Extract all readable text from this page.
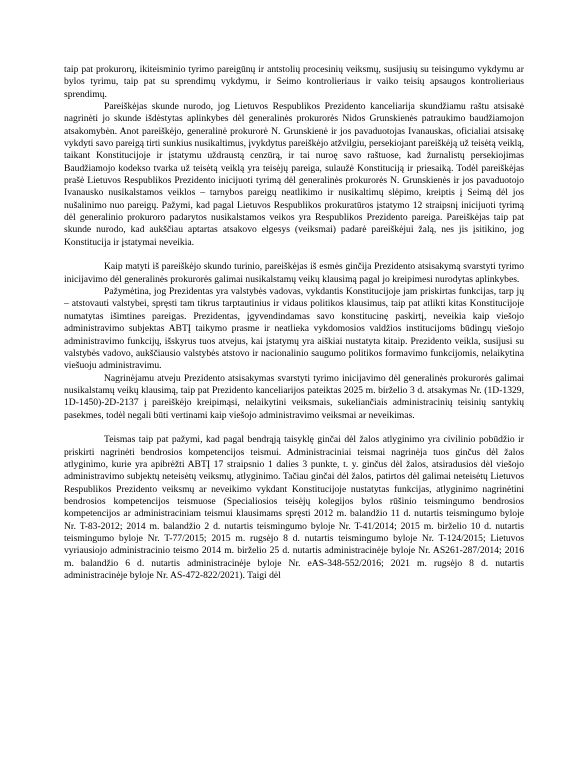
taip pat prokurorų, ikiteisminio tyrimo pareigūnų ir antstolių procesinių veiksmų, susijusių su teisingumo vykdymu ar bylos tyrimu, taip pat su sprendimų vykdymu, ir Seimo kontrolieriaus ir vaiko teisių apsaugos kontrolieriaus sprendimų.

Pareiškėjas skunde nurodo, jog Lietuvos Respublikos Prezidento kanceliarija skundžiamu raštu atsisakė nagrinėti jo skunde išdėstytas aplinkybes dėl generalinės prokurorės Nidos Grunskienės patraukimo baudžiamojon atsakomybėn. Anot pareiškėjo, generalinė prokurorė N. Grunskienė ir jos pavaduotojas Ivanauskas, oficialiai atsisakę vykdyti savo pareigą tirti sunkius nusikaltimus, įvykdytus pareiškėjo atžvilgiu, persekiojant pareiškėją už teisėtą veiklą, taikant Konstitucijoje ir įstatymu uždraustą cenzūrą, ir tai nuroę savo raštuose, kad žurnalistų persekiojimas Baudžiamojo kodekso tvarka už teisėtą veiklą yra teisėjų pareiga, sulaužė Konstituciją ir priesaiką. Todėl pareiškėjas prašė Lietuvos Respublikos Prezidento inicijuoti tyrimą dėl generalinės prokurorės N. Grunskienės ir jos pavaduotojo Ivanausko nusikalstamos veiklos – tarnybos pareigų neatlikimo ir nusikaltimų slėpimo, kreiptis į Seimą dėl jos nušalinimo nuo pareigų. Pažymi, kad pagal Lietuvos Respublikos prokuratūros įstatymo 12 straipsnį inicijuoti tyrimą dėl generalinio prokuroro padarytos nusikalstamos veikos yra Respublikos Prezidento pareiga. Pareiškėjas taip pat skunde nurodo, kad aukščiau aptartas atsakovo elgesys (veiksmai) padarė pareiškėjui žalą, nes jis įsitikino, jog Konstitucija ir įstatymai neveikia.

Kaip matyti iš pareiškėjo skundo turinio, pareiškėjas iš esmės ginčija Prezidento atsisakymą svarstyti tyrimo inicijavimo dėl generalinės prokurorės galimai nusikalstamų veikų klausimą pagal jo kreipimesi nurodytas aplinkybes.

Pažymėtina, jog Prezidentas yra valstybės vadovas, vykdantis Konstitucijoje jam priskirtas funkcijas, tarp jų – atstovauti valstybei, spręsti tam tikrus tarptautinius ir vidaus politikos klausimus, taip pat atlikti kitas Konstitucijoje numatytas išimtines pareigas. Prezidentas, įgyvendindamas savo konstitucinę paskirtį, neveikia kaip viešojo administravimo subjektas ABTĮ taikymo prasme ir neatlieka vykdomosios valdžios institucijoms būdingų viešojo administravimo funkcijų, išskyrus tuos atvejus, kai įstatymų yra aiškiai nustatyta kitaip. Prezidento veikla, susijusi su valstybės vadovo, aukščiausio valstybės atstovo ir nacionalinio saugumo politikos formavimo funkcijomis, nelaikytina viešuoju administravimu.

Nagrinėjamu atveju Prezidento atsisakymas svarstyti tyrimo inicijavimo dėl generalinės prokurorės galimai nusikalstamų veikų klausimą, taip pat Prezidento kanceliarijos pateiktas 2025 m. birželio 3 d. atsakymas Nr. (1D-1329, 1D-1450)-2D-2137 į pareiškėjo kreipimąsi, nelaikytini veiksmais, sukeliančiais administracinių teisinių santykių pasekmes, todėl negali būti vertinami kaip viešojo administravimo veiksmai ar neveikimas.

Teismas taip pat pažymi, kad pagal bendrąją taisyklę ginčai dėl žalos atlyginimo yra civilinio pobūdžio ir priskirti nagrinėti bendrosios kompetencijos teismui. Administraciniai teismai nagrinėja tuos ginčus dėl žalos atlyginimo, kurie yra apibrėžti ABTĮ 17 straipsnio 1 dalies 3 punkte, t. y. ginčus dėl žalos, atsiradusios dėl viešojo administravimo subjektų neteisėtų veiksmų, atlyginimo. Tačiau ginčai dėl žalos, patirtos dėl galimai neteisėtų Lietuvos Respublikos Prezidento veiksmų ar neveikimo vykdant Konstitucijoje nustatytas funkcijas, atlyginimo nagrinėtini bendrosios kompetencijos teismuose (Specialiosios teisėjų kolegijos bylos rūšinio teismingumo bendrosios kompetencijos ar administraciniam teismui klausimams spręsti 2012 m. balandžio 11 d. nutartis teismingumo byloje Nr. T-83-2012; 2014 m. balandžio 2 d. nutartis teismingumo byloje Nr. T-41/2014; 2015 m. birželio 10 d. nutartis teismingumo byloje Nr. T-77/2015; 2015 m. rugsėjo 8 d. nutartis teismingumo byloje Nr. T-124/2015; Lietuvos vyriausiojo administracinio teismo 2014 m. birželio 25 d. nutartis administracinėje byloje Nr. AS261-287/2014; 2016 m. balandžio 6 d. nutartis administracinėje byloje Nr. eAS-348-552/2016; 2021 m. rugsėjo 8 d. nutartis administracinėje byloje Nr. AS-472-822/2021). Taigi dėl
